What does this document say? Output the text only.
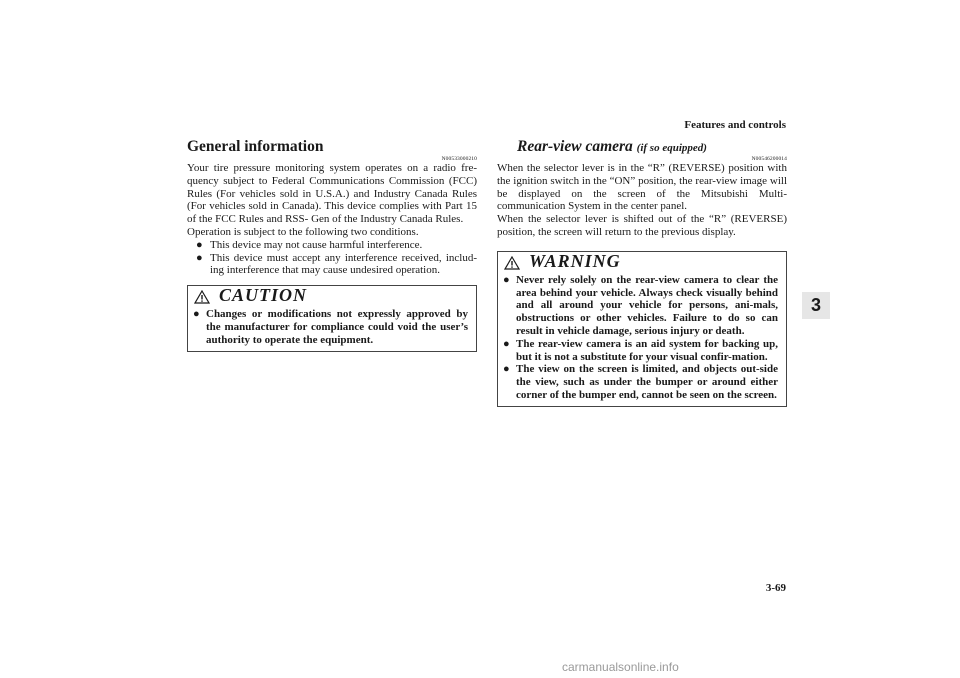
Features and controls
3
3-69
General information
N00533000210

Your tire pressure monitoring system operates on a radio fre-quency subject to Federal Communications Commission (FCC) Rules (For vehicles sold in U.S.A.) and Industry Canada Rules (For vehicles sold in Canada). This device complies with Part 15 of the FCC Rules and RSS- Gen of the Industry Canada Rules.

Operation is subject to the following two conditions.

● This device may not cause harmful interference.
● This device must accept any interference received, includ-ing interference that may cause undesired operation.
CAUTION
● Changes or modifications not expressly approved by the manufacturer for compliance could void the user’s authority to operate the equipment.
Rear-view camera (if so equipped)
N00546200014

When the selector lever is in the “R” (REVERSE) position with the ignition switch in the “ON” position, the rear-view image will be displayed on the screen of the Mitsubishi Multi-communication System in the center panel.

When the selector lever is shifted out of the “R” (REVERSE) position, the screen will return to the previous display.

WARNING
● Never rely solely on the rear-view camera to clear the area behind your vehicle. Always check visually behind and all around your vehicle for persons, ani-mals, obstructions or other vehicles. Failure to do so can result in vehicle damage, serious injury or death.
● The rear-view camera is an aid system for backing up, but it is not a substitute for your visual confir-mation.
● The view on the screen is limited, and objects out-side the view, such as under the bumper or around either corner of the bumper end, cannot be seen on the screen.
carmanualsonline.info
